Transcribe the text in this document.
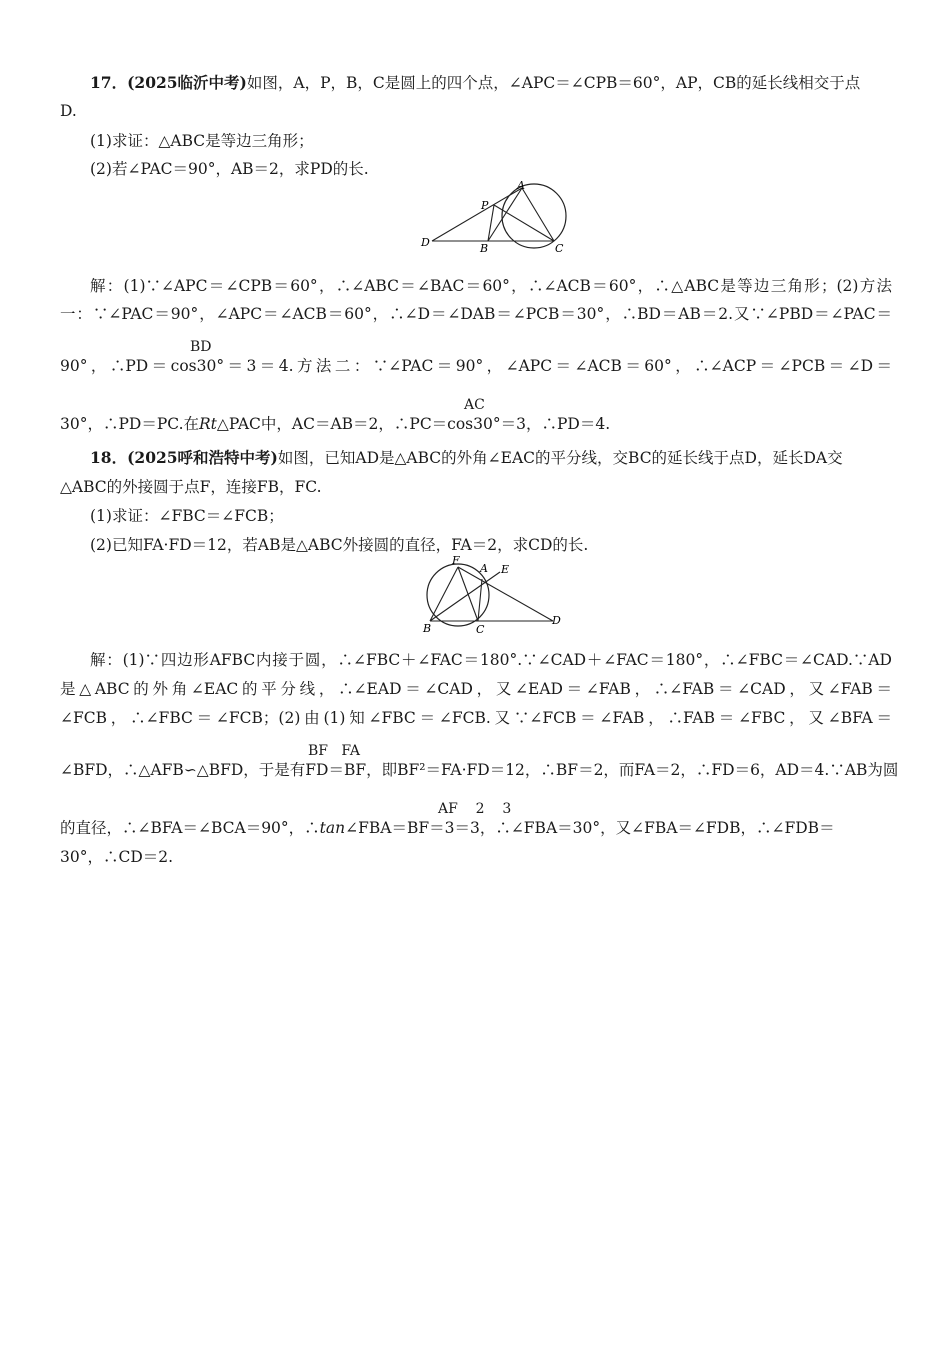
17．(2025临沂中考)如图，A，P，B，C是圆上的四个点，∠APC＝∠CPB＝60°，AP，CB的延长线相交于点
D.
(1)求证：△ABC是等边三角形；
(2)若∠PAC＝90°，AB＝2，求PD的长.
A
P
B	C
D
解：(1)∵∠APC＝∠CPB＝60°，∴∠ABC＝∠BAC＝60°，∴∠ACB＝60°，∴△ABC是等边三角形；(2)方法
一：∵∠PAC＝90°，∠APC＝∠ACB＝60°，∴∠D＝∠DAB＝∠PCB＝30°，∴BD＝AB＝2.又∵∠PBD＝∠PAC＝
BD
90°，∴PD＝cos30°＝3＝4.方法二：∵∠PAC＝90°，∠APC＝∠ACB＝60°，∴∠ACP＝∠PCB＝∠D＝
AC
30°，∴PD＝PC.在Rt△PAC中，AC＝AB＝2，∴PC＝cos30°＝3，∴PD＝4.
18．(2025呼和浩特中考)如图，已知AD是△ABC的外角∠EAC的平分线，交BC的延长线于点D，延长DA交
△ABC的外接圆于点F，连接FB，FC.
(1)求证：∠FBC＝∠FCB；
(2)已知FA·FD＝12，若AB是△ABC外接圆的直径，FA＝2，求CD的长.
F
A E
B	C
D
解：(1)∵四边形AFBC内接于圆，∴∠FBC＋∠FAC＝180°.∵∠CAD＋∠FAC＝180°，∴∠FBC＝∠CAD.∵AD
是△ABC的外角∠EAC的平分线，∴∠EAD＝∠CAD，又∠EAD＝∠FAB，∴∠FAB＝∠CAD，又∠FAB＝
∠FCB，∴∠FBC＝∠FCB；(2)由(1)知∠FBC＝∠FCB.又∵∠FCB＝∠FAB，∴FAB＝∠FBC，又∠BFA＝
BF   FA
∠BFD，∴△AFB∽△BFD，于是有FD＝BF，即BF²＝FA·FD＝12，∴BF＝2，而FA＝2，∴FD＝6，AD＝4.∵AB为圆
AF    2    3
的直径，∴∠BFA＝∠BCA＝90°，∴tan∠FBA＝BF＝3＝3，∴∠FBA＝30°，又∠FBA＝∠FDB，∴∠FDB＝
30°，∴CD＝2.
